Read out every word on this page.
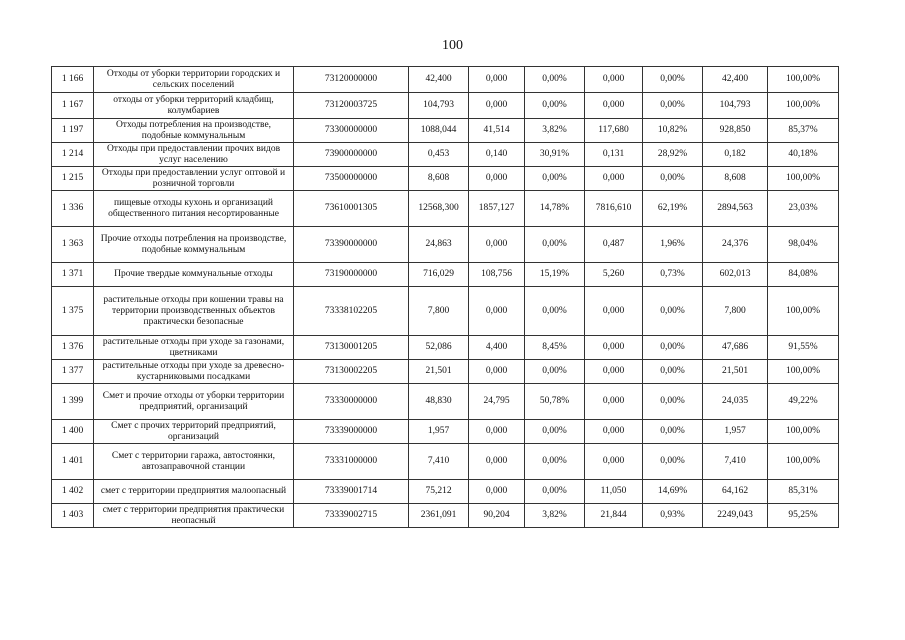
100
1 166	Отходы от уборки территории городских и сельских поселений	73120000000	42,400	0,000	0,00%	0,000	0,00%	42,400	100,00%
1 167	отходы от уборки территорий кладбищ, колумбариев	73120003725	104,793	0,000	0,00%	0,000	0,00%	104,793	100,00%
1 197	Отходы потребления на производстве, подобные коммунальным	73300000000	1088,044	41,514	3,82%	117,680	10,82%	928,850	85,37%
1 214	Отходы при предоставлении прочих видов услуг населению	73900000000	0,453	0,140	30,91%	0,131	28,92%	0,182	40,18%
1 215	Отходы при предоставлении услуг оптовой и розничной торговли	73500000000	8,608	0,000	0,00%	0,000	0,00%	8,608	100,00%
1 336	пищевые отходы кухонь и организаций общественного питания несортированные	73610001305	12568,300	1857,127	14,78%	7816,610	62,19%	2894,563	23,03%
1 363	Прочие отходы потребления на производстве, подобные коммунальным	73390000000	24,863	0,000	0,00%	0,487	1,96%	24,376	98,04%
1 371	Прочие твердые коммунальные отходы	73190000000	716,029	108,756	15,19%	5,260	0,73%	602,013	84,08%
1 375	растительные отходы при кошении травы на территории производственных объектов практически безопасные	73338102205	7,800	0,000	0,00%	0,000	0,00%	7,800	100,00%
1 376	растительные отходы при уходе за газонами, цветниками	73130001205	52,086	4,400	8,45%	0,000	0,00%	47,686	91,55%
1 377	растительные отходы при уходе за древесно-кустарниковыми посадками	73130002205	21,501	0,000	0,00%	0,000	0,00%	21,501	100,00%
1 399	Смет и прочие отходы от уборки территории предприятий, организаций	73330000000	48,830	24,795	50,78%	0,000	0,00%	24,035	49,22%
1 400	Смет с прочих территорий предприятий, организаций	73339000000	1,957	0,000	0,00%	0,000	0,00%	1,957	100,00%
1 401	Смет с территории гаража, автостоянки, автозаправочной станции	73331000000	7,410	0,000	0,00%	0,000	0,00%	7,410	100,00%
1 402	смет с территории предприятия малоопасный	73339001714	75,212	0,000	0,00%	11,050	14,69%	64,162	85,31%
1 403	смет с территории предприятия практически неопасный	73339002715	2361,091	90,204	3,82%	21,844	0,93%	2249,043	95,25%
